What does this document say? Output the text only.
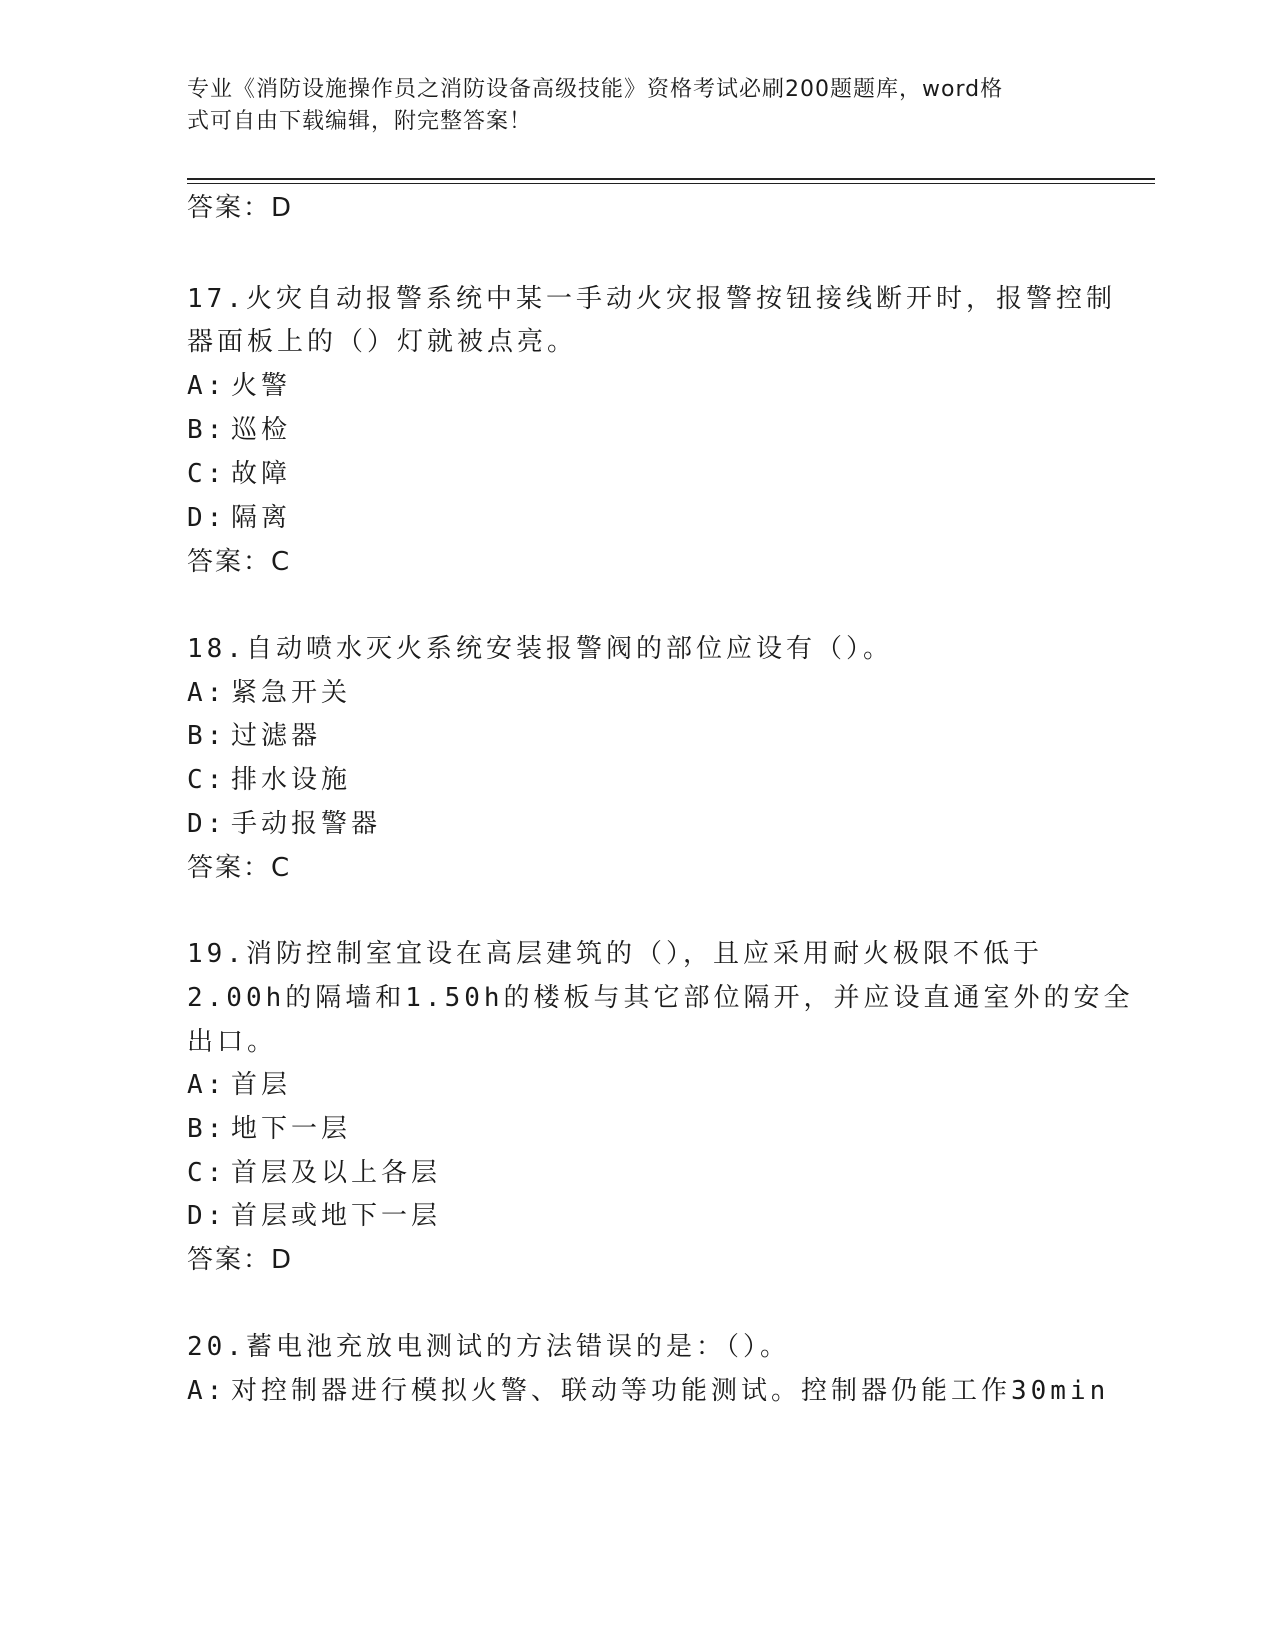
专业《消防设施操作员之消防设备高级技能》资格考试必刷200题题库，word格
式可自由下载编辑，附完整答案！
答案：D
17.火灾自动报警系统中某一手动火灾报警按钮接线断开时，报警控制
器面板上的（）灯就被点亮。
A: 火警
B: 巡检
C: 故障
D: 隔离
答案：C
18.自动喷水灭火系统安装报警阀的部位应设有（）。
A: 紧急开关
B: 过滤器
C: 排水设施
D: 手动报警器
答案：C
19.消防控制室宜设在高层建筑的（），且应采用耐火极限不低于
2.00h的隔墙和1.50h的楼板与其它部位隔开，并应设直通室外的安全
出口。
A: 首层
B: 地下一层
C: 首层及以上各层
D: 首层或地下一层
答案：D
20.蓄电池充放电测试的方法错误的是：（）。
A: 对控制器进行模拟火警、联动等功能测试。控制器仍能工作30min
